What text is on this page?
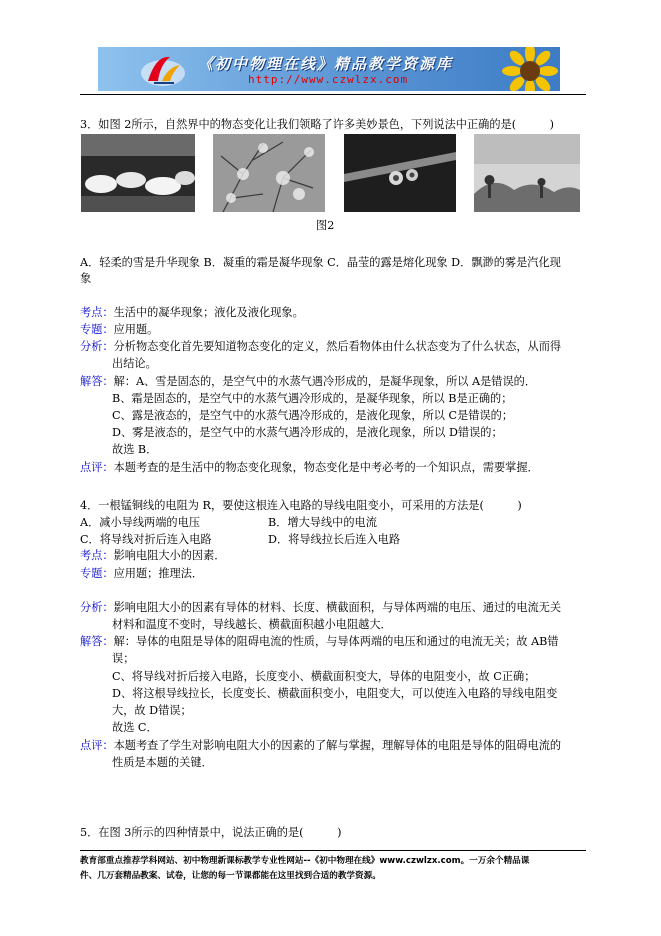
《初中物理在线》精品教学资源库
http://www.czwlzx.com
3．如图 2所示，自然界中的物态变化让我们领略了许多美妙景色，下列说法中正确的是(　　　)
图2
A．轻柔的雪是升华现象 B．凝重的霜是凝华现象 C．晶莹的露是熔化现象 D．飘渺的雾是汽化现
象
考点：生活中的凝华现象；液化及液化现象。
专题：应用题。
分析：分析物态变化首先要知道物态变化的定义，然后看物体由什么状态变为了什么状态，从而得
出结论。
解答：解：A、雪是固态的，是空气中的水蒸气遇冷形成的，是凝华现象，所以 A是错误的．
B、霜是固态的，是空气中的水蒸气遇冷形成的，是凝华现象，所以 B是正确的；
C、露是液态的，是空气中的水蒸气遇冷形成的，是液化现象，所以 C是错误的；
D、雾是液态的，是空气中的水蒸气遇冷形成的，是液化现象，所以 D错误的；
故选 B．
点评：本题考查的是生活中的物态变化现象，物态变化是中考必考的一个知识点，需要掌握．
4．一根锰铜线的电阻为 R，要使这根连入电路的导线电阻变小，可采用的方法是(　　　)
A．减小导线两端的电压	B．增大导线中的电流
C．将导线对折后连入电路	D．将导线拉长后连入电路
考点：影响电阻大小的因素．
专题：应用题；推理法．
分析：影响电阻大小的因素有导体的材料、长度、横截面积，与导体两端的电压、通过的电流无关
材料和温度不变时，导线越长、横截面积越小电阻越大．
解答：解：导体的电阻是导体的阻碍电流的性质，与导体两端的电压和通过的电流无关；故 AB错
误；
C、将导线对折后接入电路，长度变小、横截面积变大，导体的电阻变小，故 C正确；
D、将这根导线拉长，长度变长、横截面积变小，电阻变大，可以使连入电路的导线电阻变
大，故 D错误；
故选 C．
点评：本题考查了学生对影响电阻大小的因素的了解与掌握，理解导体的电阻是导体的阻碍电流的
性质是本题的关键．
5．在图 3所示的四种情景中，说法正确的是(　　　)
教育部重点推荐学科网站、初中物理新课标教学专业性网站--《初中物理在线》www.czwlzx.com。一万余个精品课
件、几万套精品教案、试卷，让您的每一节课都能在这里找到合适的教学资源。
